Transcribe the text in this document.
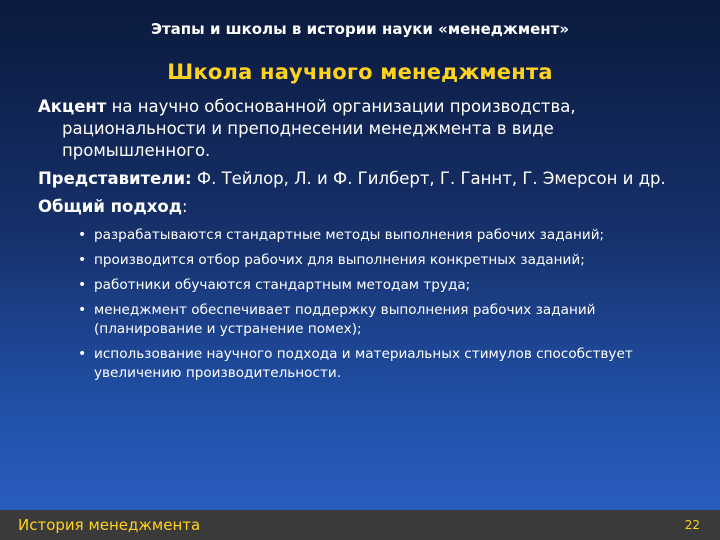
Этапы и школы в истории науки «менеджмент»
Школа научного менеджмента

Акцент на научно обоснованной организации производства, рациональности и преподнесении менеджмента в виде промышленного.

Представители: Ф. Тейлор, Л. и Ф. Гилберт, Г. Ганнт, Г. Эмерсон и др.

Общий подход:

• разрабатываются стандартные методы выполнения рабочих заданий;
• производится отбор рабочих для выполнения конкретных заданий;
• работники обучаются стандартным методам труда;
• менеджмент обеспечивает поддержку выполнения рабочих заданий (планирование и устранение помех);
• использование научного подхода и материальных стимулов способствует увеличению производительности.
История менеджмента	22
